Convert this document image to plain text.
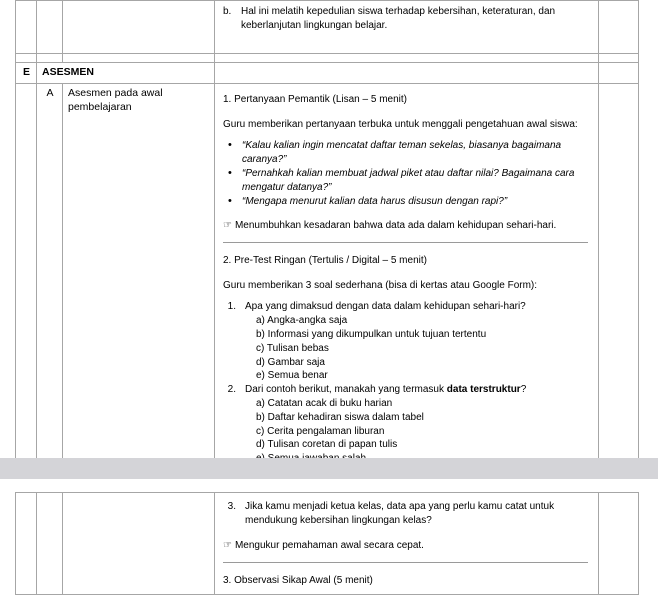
b. Hal ini melatih kepedulian siswa terhadap kebersihan, keteraturan, dan keberlanjutan lingkungan belajar.

E	ASESMEN			

A	Asesmen pada awal pembelajaran

1. Pertanyaan Pemantik (Lisan – 5 menit)

Guru memberikan pertanyaan terbuka untuk menggali pengetahuan awal siswa:

• “Kalau kalian ingin mencatat daftar teman sekelas, biasanya bagaimana caranya?”
• “Pernahkah kalian membuat jadwal piket atau daftar nilai? Bagaimana cara mengatur datanya?”
• “Mengapa menurut kalian data harus disusun dengan rapi?”

☞ Menumbuhkan kesadaran bahwa data ada dalam kehidupan sehari-hari.

2. Pre-Test Ringan (Tertulis / Digital – 5 menit)

Guru memberikan 3 soal sederhana (bisa di kertas atau Google Form):

1. Apa yang dimaksud dengan data dalam kehidupan sehari-hari?
a) Angka-angka saja
b) Informasi yang dikumpulkan untuk tujuan tertentu
c) Tulisan bebas
d) Gambar saja
e) Semua benar
2. Dari contoh berikut, manakah yang termasuk data terstruktur?
a) Catatan acak di buku harian
b) Daftar kehadiran siswa dalam tabel
c) Cerita pengalaman liburan
d) Tulisan coretan di papan tulis

3. Jika kamu menjadi ketua kelas, data apa yang perlu kamu catat untuk mendukung kebersihan lingkungan kelas?

☞ Mengukur pemahaman awal secara cepat.

3. Observasi Sikap Awal (5 menit)
